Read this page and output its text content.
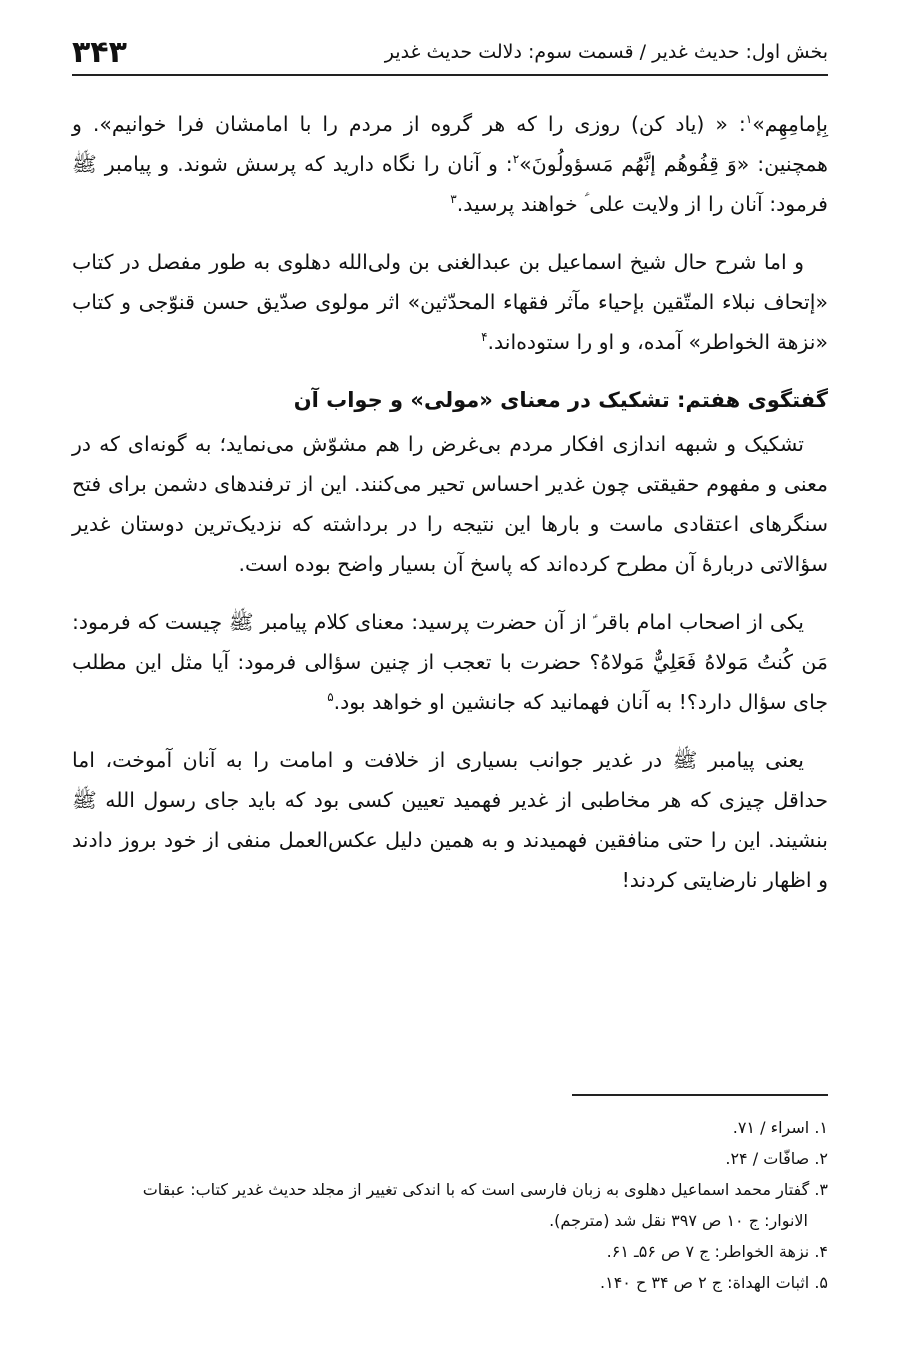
۳۴۳	بخش اول: حدیث غدیر / قسمت سوم: دلالت حدیث غدیر

بِإمامِهِم»$^۱$: « (یاد کن) روزی را که هر گروه از مردم را با امامشان فرا خوانیم». و همچنین: «وَ قِفُوهُم إنَّهُم مَسؤولُونَ»$^۲$: و آنان را نگاه دارید که پرسش شوند. و پیامبر ﷺ فرمود: آنان را از ولایت علی ؑ خواهند پرسید.$^۳$

و اما شرح حال شیخ اسماعیل بن عبدالغنی بن ولی‌الله دهلوی به طور مفصل در کتاب «إتحاف نبلاء المتّقین بإحیاء مآثر فقهاء المحدّثین» اثر مولوی صدّیق حسن قنوّجی و کتاب «نزهة الخواطر» آمده، و او را ستوده‌اند.$^۴$

گفتگوی هفتم: تشکیک در معنای «مولی» و جواب آن

تشکیک و شبهه اندازی افکار مردم بی‌غرض را هم مشوّش می‌نماید؛ به گونه‌ای که در معنی و مفهوم حقیقتی چون غدیر احساس تحیر می‌کنند. این از ترفندهای دشمن برای فتح سنگرهای اعتقادی ماست و بارها این نتیجه را در برداشته که نزدیک‌ترین دوستان غدیر سؤالاتی دربارهٔ آن مطرح کرده‌اند که پاسخ آن بسیار واضح بوده است.

یکی از اصحاب امام باقر ؑ از آن حضرت پرسید: معنای کلام پیامبر ﷺ چیست که فرمود: مَن کُنتُ مَولاهُ فَعَلِيٌّ مَولاهُ؟ حضرت با تعجب از چنین سؤالی فرمود: آیا مثل این مطلب جای سؤال دارد؟! به آنان فهمانید که جانشین او خواهد بود.$^۵$

یعنی پیامبر ﷺ در غدیر جوانب بسیاری از خلافت و امامت را به آنان آموخت، اما حداقل چیزی که هر مخاطبی از غدیر فهمید تعیین کسی بود که باید جای رسول الله ﷺ بنشیند. این را حتی منافقین فهمیدند و به همین دلیل عکس‌العمل منفی از خود بروز دادند و اظهار نارضایتی کردند!

۱. اسراء / ۷۱.

۲. صافّات / ۲۴.

۳. گفتار محمد اسماعیل دهلوی به زبان فارسی است که با اندکی تغییر از مجلد حدیث غدیر کتاب: عبقات

الانوار: ج ۱۰ ص ۳۹۷ نقل شد (مترجم).

۴. نزهة الخواطر: ج ۷ ص ۵۶ـ ۶۱.

۵. اثبات الهداة: ج ۲ ص ۳۴ ح ۱۴۰.
